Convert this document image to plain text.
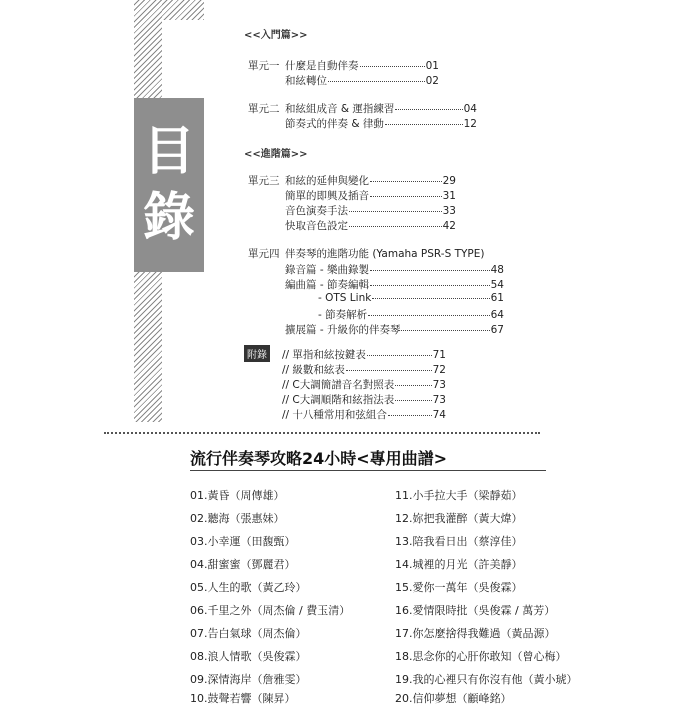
目
錄
<<入門篇>>
單元一 什麼是自動伴奏	01
和絃轉位	02
單元二 和絃組成音 & 運指練習	04
節奏式的伴奏 & 律動	12
<<進階篇>>
單元三 和絃的延伸與變化	29
簡單的即興及插音	31
音色演奏手法	33
快取音色設定	42
單元四 伴奏琴的進階功能 (Yamaha PSR-S TYPE)
錄音篇 - 樂曲錄製	48
編曲篇 - 節奏編輯	54
- OTS Link	61
- 節奏解析	64
擴展篇 - 升級你的伴奏琴	67
附錄 // 單指和絃按鍵表	71
// 級數和絃表	72
// C大調簡譜音名對照表	73
// C大調順階和絃指法表	73
// 十八種常用和弦組合	74
流行伴奏琴攻略24小時<專用曲譜>
01.黃昏（周傳雄）
02.聽海（張惠妹）
03.小幸運（田馥甄）
04.甜蜜蜜（鄧麗君）
05.人生的歌（黃乙玲）
06.千里之外（周杰倫 / 費玉清）
07.告白氣球（周杰倫）
08.浪人情歌（吳俊霖）
09.深情海岸（詹雅雯）
10.鼓聲若響（陳昇）
11.小手拉大手（梁靜茹）
12.妳把我灌醉（黃大煒）
13.陪我看日出（蔡淳佳）
14.城裡的月光（許美靜）
15.愛你一萬年（吳俊霖）
16.愛情限時批（吳俊霖 / 萬芳）
17.你怎麼捨得我難過（黃品源）
18.思念你的心肝你敢知（曾心梅）
19.我的心裡只有你沒有他（黃小琥）
20.信仰夢想（顧峰銘）
